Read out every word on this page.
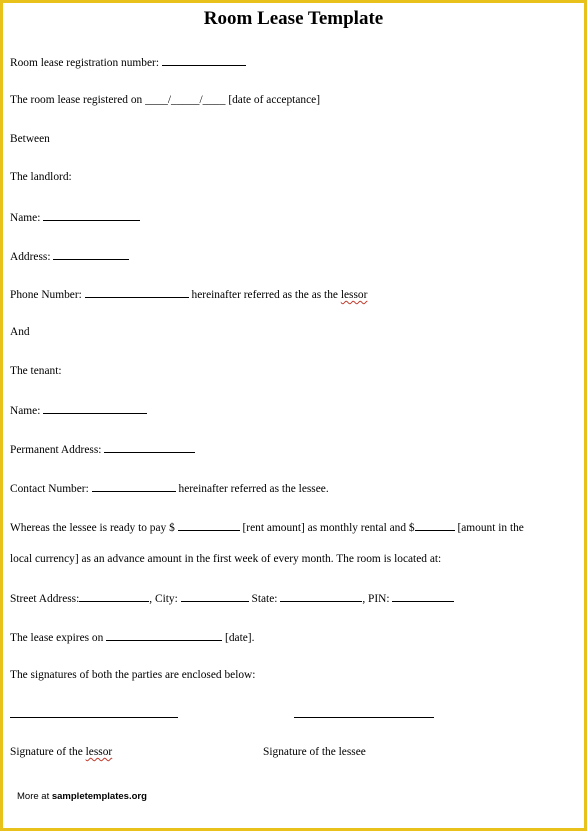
Room Lease Template
Room lease registration number:
The room lease registered on ____/_____/____ [date of acceptance]
Between
The landlord:
Name:
Address:
Phone Number:	hereinafter referred as the as the lessor
And
The tenant:
Name:
Permanent Address:
Contact Number:	hereinafter referred as the lessee.
Whereas the lessee is ready to pay $	[rent amount] as monthly rental and $	[amount in the
local currency] as an advance amount in the first week of every month. The room is located at:
Street Address:	, City:	State:	, PIN:
The lease expires on	[date].
The signatures of both the parties are enclosed below:
Signature of the lessor	Signature of the lessee
More at sampletemplates.org
